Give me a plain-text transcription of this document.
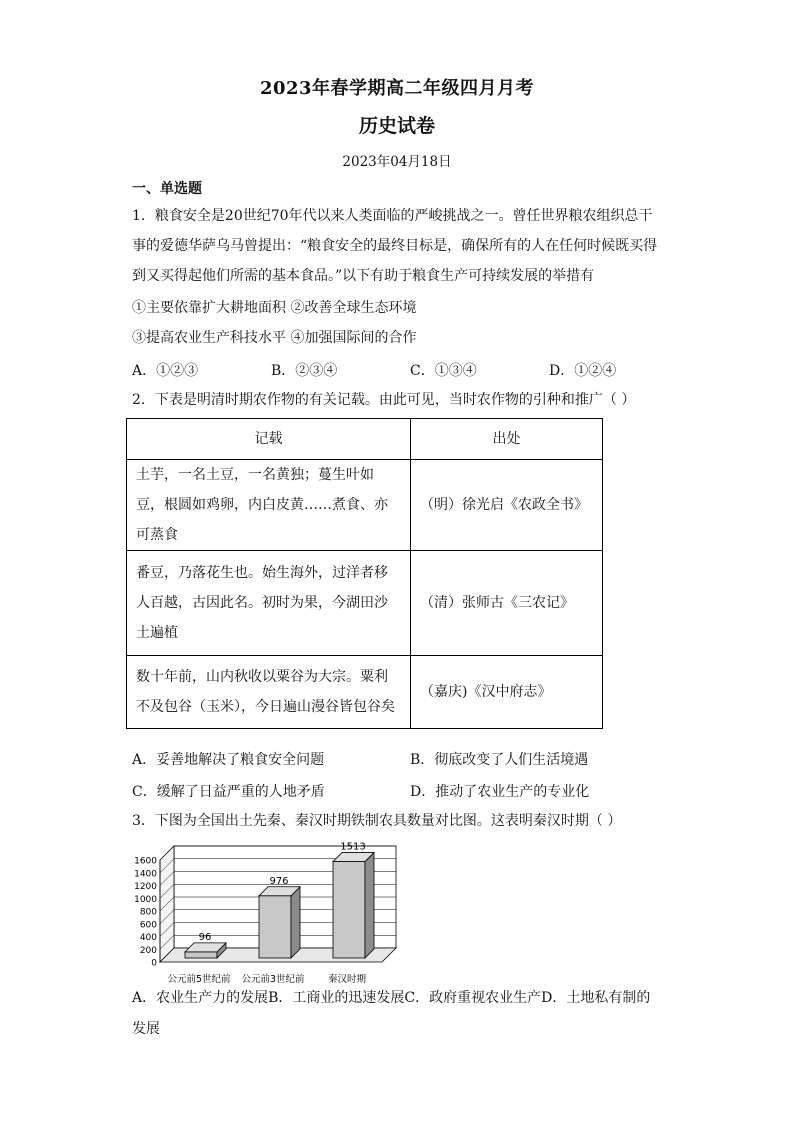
2023年春学期高二年级四月月考
历史试卷
2023年04月18日
一、单选题
1．粮食安全是20世纪70年代以来人类面临的严峻挑战之一。曾任世界粮农组织总干
事的爱德华萨乌马曾提出：“粮食安全的最终目标是，确保所有的人在任何时候既买得
到又买得起他们所需的基本食品。”以下有助于粮食生产可持续发展的举措有
①主要依靠扩大耕地面积 ②改善全球生态环境
③提高农业生产科技水平 ④加强国际间的合作
A．①②③	B．②③④	C．①③④	D．①②④
2．下表是明清时期农作物的有关记载。由此可见，当时农作物的引种和推广（ ）
记载	出处
土芋，一名土豆，一名黄独；蔓生叶如豆，根圆如鸡卵，内白皮黄……煮食、亦可蒸食	（明）徐光启《农政全书》
番豆，乃落花生也。始生海外，过洋者移人百越，古因此名。初时为果，今湖田沙土遍植	（清）张师古《三农记》
数十年前，山内秋收以粟谷为大宗。粟利不及包谷（玉米），今日遍山漫谷皆包谷矣	（嘉庆)《汉中府志》
A．妥善地解决了粮食安全问题	B．彻底改变了人们生活境遇
C．缓解了日益严重的人地矛盾	D．推动了农业生产的专业化
3．下图为全国出土先秦、秦汉时期铁制农具数量对比图。这表明秦汉时期（ ）
0
200
400
600
800
1000
1200
1400
1600
96
公元前5世纪前
976
公元前3世纪前
1513
秦汉时期
A．农业生产力的发展B．工商业的迅速发展C．政府重视农业生产D．土地私有制的
发展
